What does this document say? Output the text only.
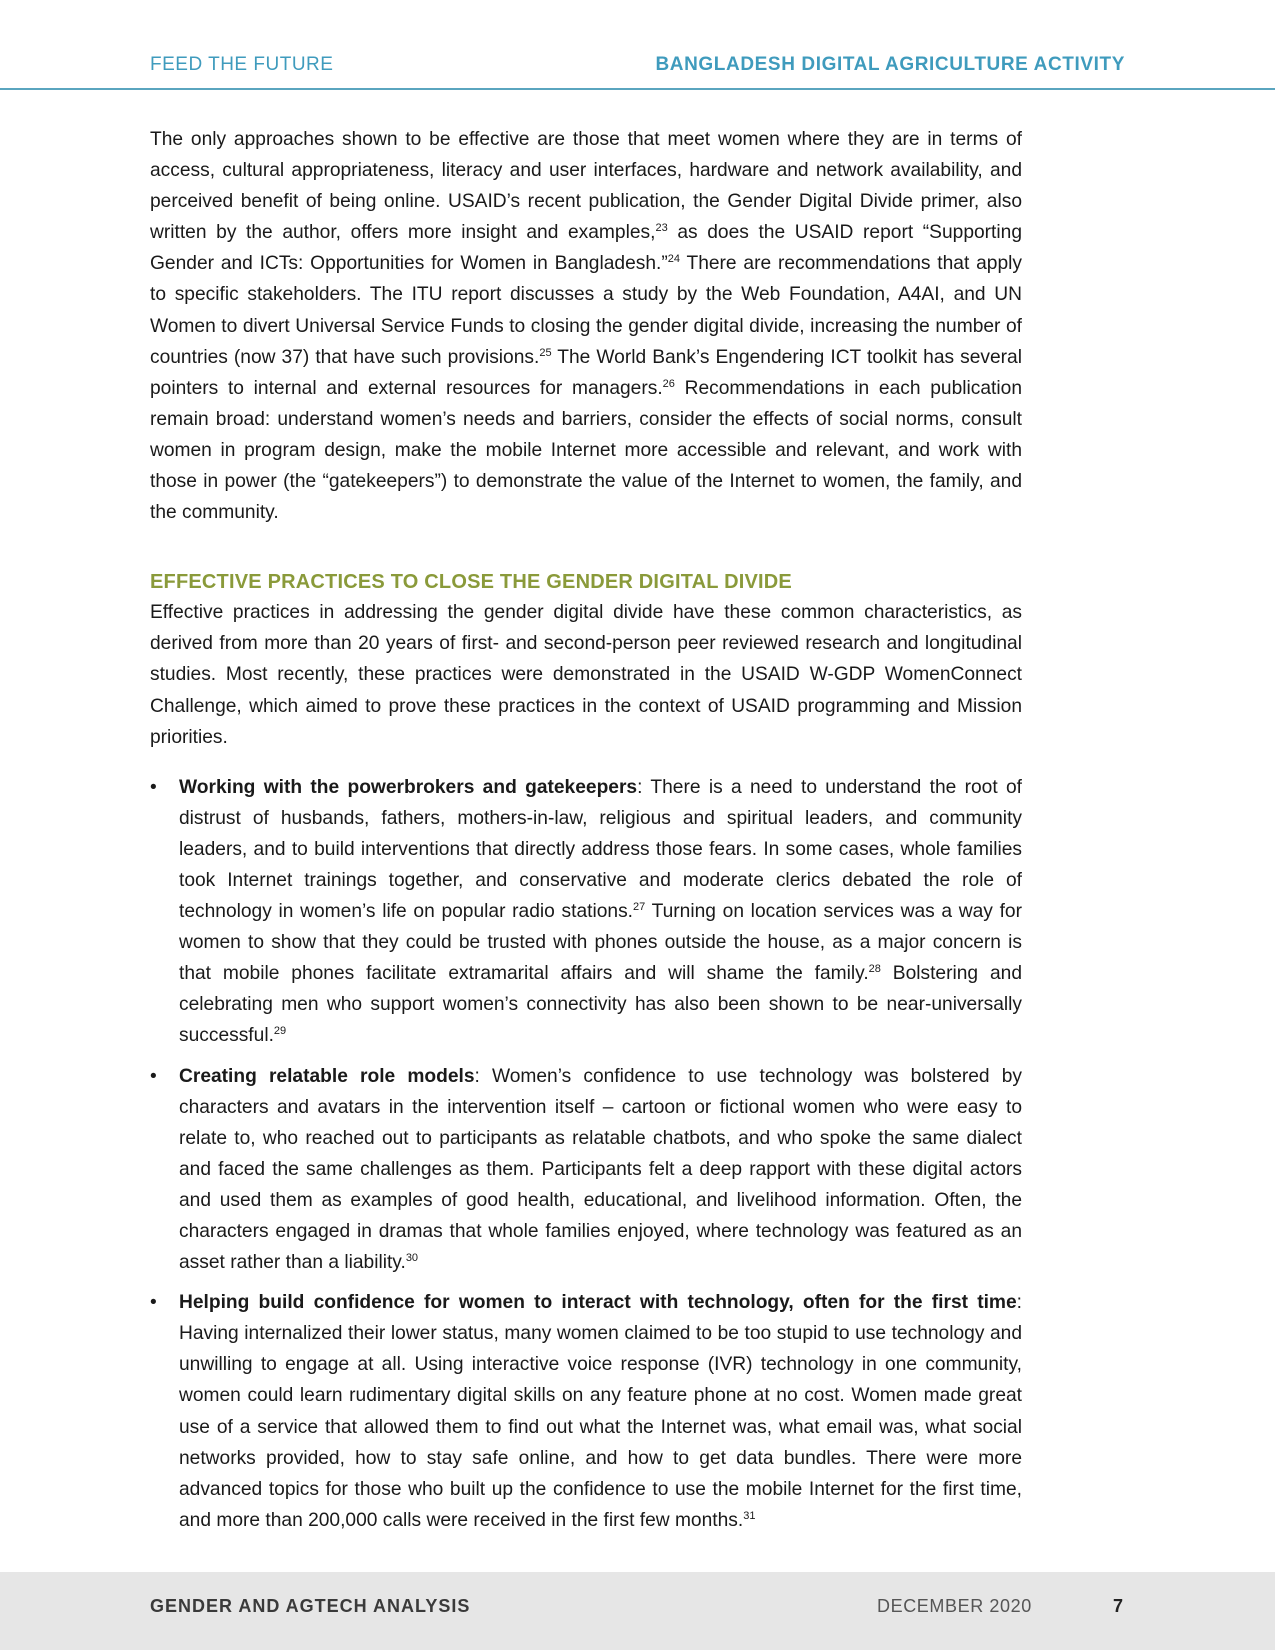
FEED THE FUTURE	BANGLADESH DIGITAL AGRICULTURE ACTIVITY

The only approaches shown to be effective are those that meet women where they are in terms of access, cultural appropriateness, literacy and user interfaces, hardware and network availability, and perceived benefit of being online. USAID’s recent publication, the Gender Digital Divide primer, also written by the author, offers more insight and examples,$^{23}$ as does the USAID report “Supporting Gender and ICTs: Opportunities for Women in Bangladesh.”$^{24}$ There are recommendations that apply to specific stakeholders. The ITU report discusses a study by the Web Foundation, A4AI, and UN Women to divert Universal Service Funds to closing the gender digital divide, increasing the number of countries (now 37) that have such provisions.$^{25}$ The World Bank’s Engendering ICT toolkit has several pointers to internal and external resources for managers.$^{26}$ Recommendations in each publication remain broad: understand women’s needs and barriers, consider the effects of social norms, consult women in program design, make the mobile Internet more accessible and relevant, and work with those in power (the “gatekeepers”) to demonstrate the value of the Internet to women, the family, and the community.

EFFECTIVE PRACTICES TO CLOSE THE GENDER DIGITAL DIVIDE

Effective practices in addressing the gender digital divide have these common characteristics, as derived from more than 20 years of first- and second-person peer reviewed research and longitudinal studies. Most recently, these practices were demonstrated in the USAID W-GDP WomenConnect Challenge, which aimed to prove these practices in the context of USAID programming and Mission priorities.

• Working with the powerbrokers and gatekeepers: There is a need to understand the root of distrust of husbands, fathers, mothers-in-law, religious and spiritual leaders, and community leaders, and to build interventions that directly address those fears. In some cases, whole families took Internet trainings together, and conservative and moderate clerics debated the role of technology in women’s life on popular radio stations.$^{27}$ Turning on location services was a way for women to show that they could be trusted with phones outside the house, as a major concern is that mobile phones facilitate extramarital affairs and will shame the family.$^{28}$ Bolstering and celebrating men who support women’s connectivity has also been shown to be near-universally successful.$^{29}$
• Creating relatable role models: Women’s confidence to use technology was bolstered by characters and avatars in the intervention itself – cartoon or fictional women who were easy to relate to, who reached out to participants as relatable chatbots, and who spoke the same dialect and faced the same challenges as them. Participants felt a deep rapport with these digital actors and used them as examples of good health, educational, and livelihood information. Often, the characters engaged in dramas that whole families enjoyed, where technology was featured as an asset rather than a liability.$^{30}$
• Helping build confidence for women to interact with technology, often for the first time: Having internalized their lower status, many women claimed to be too stupid to use technology and unwilling to engage at all. Using interactive voice response (IVR) technology in one community, women could learn rudimentary digital skills on any feature phone at no cost. Women made great use of a service that allowed them to find out what the Internet was, what email was, what social networks provided, how to stay safe online, and how to get data bundles. There were more advanced topics for those who built up the confidence to use the mobile Internet for the first time, and more than 200,000 calls were received in the first few months.$^{31}$
GENDER AND AGTECH ANALYSIS	DECEMBER 2020	7
